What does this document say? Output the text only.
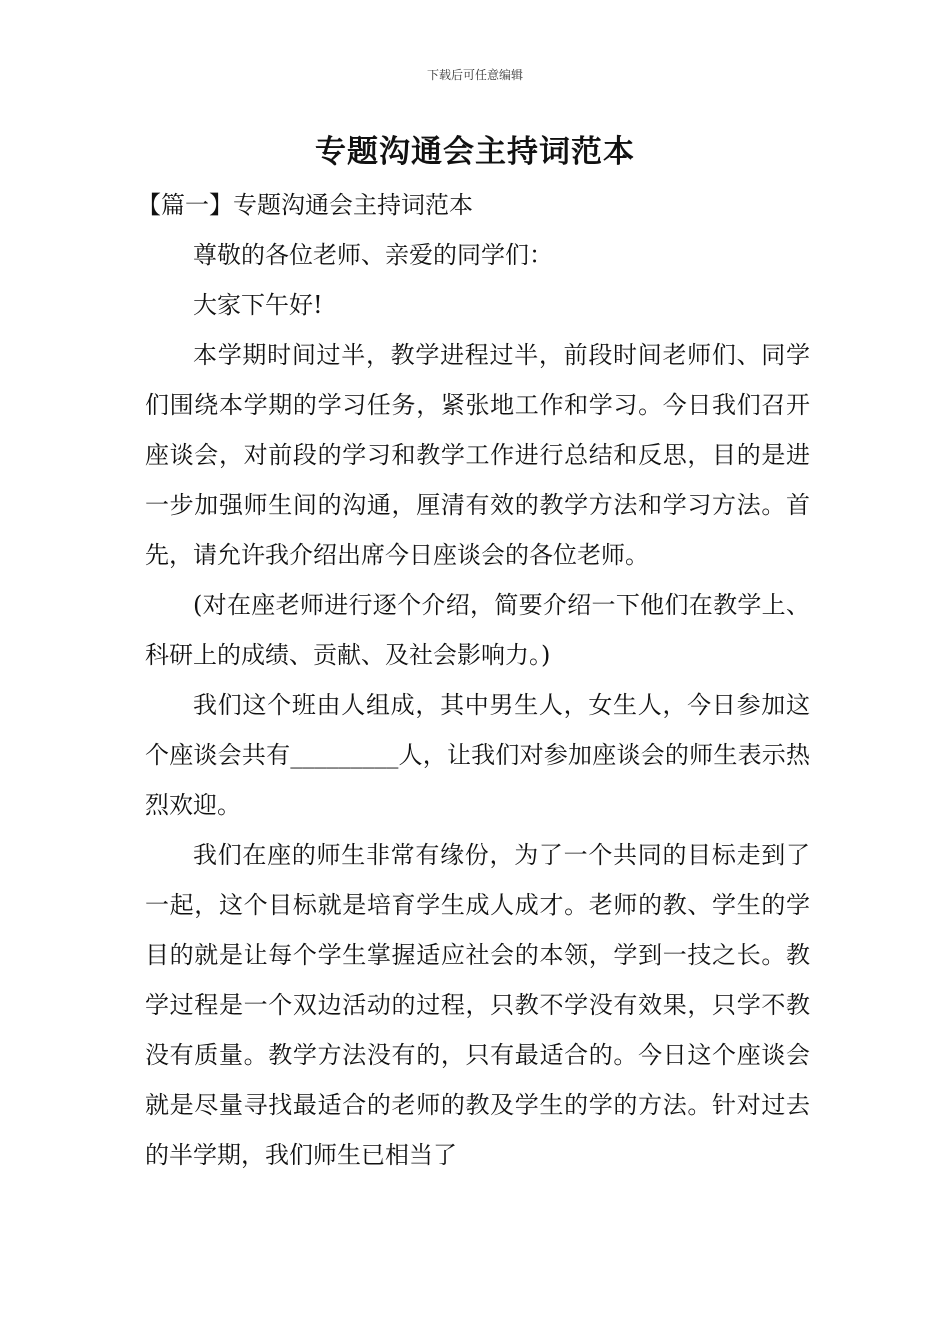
下载后可任意编辑
专题沟通会主持词范本

【篇一】专题沟通会主持词范本

尊敬的各位老师、亲爱的同学们：

大家下午好!

本学期时间过半，教学进程过半，前段时间老师们、同学们围绕本学期的学习任务，紧张地工作和学习。今日我们召开座谈会，对前段的学习和教学工作进行总结和反思，目的是进一步加强师生间的沟通，厘清有效的教学方法和学习方法。首先，请允许我介绍出席今日座谈会的各位老师。

(对在座老师进行逐个介绍，简要介绍一下他们在教学上、科研上的成绩、贡献、及社会影响力。)

我们这个班由人组成，其中男生人，女生人，今日参加这个座谈会共有_________人，让我们对参加座谈会的师生表示热烈欢迎。

我们在座的师生非常有缘份，为了一个共同的目标走到了一起，这个目标就是培育学生成人成才。老师的教、学生的学目的就是让每个学生掌握适应社会的本领，学到一技之长。教学过程是一个双边活动的过程，只教不学没有效果，只学不教没有质量。教学方法没有的，只有最适合的。今日这个座谈会就是尽量寻找最适合的老师的教及学生的学的方法。针对过去的半学期，我们师生已相当了
